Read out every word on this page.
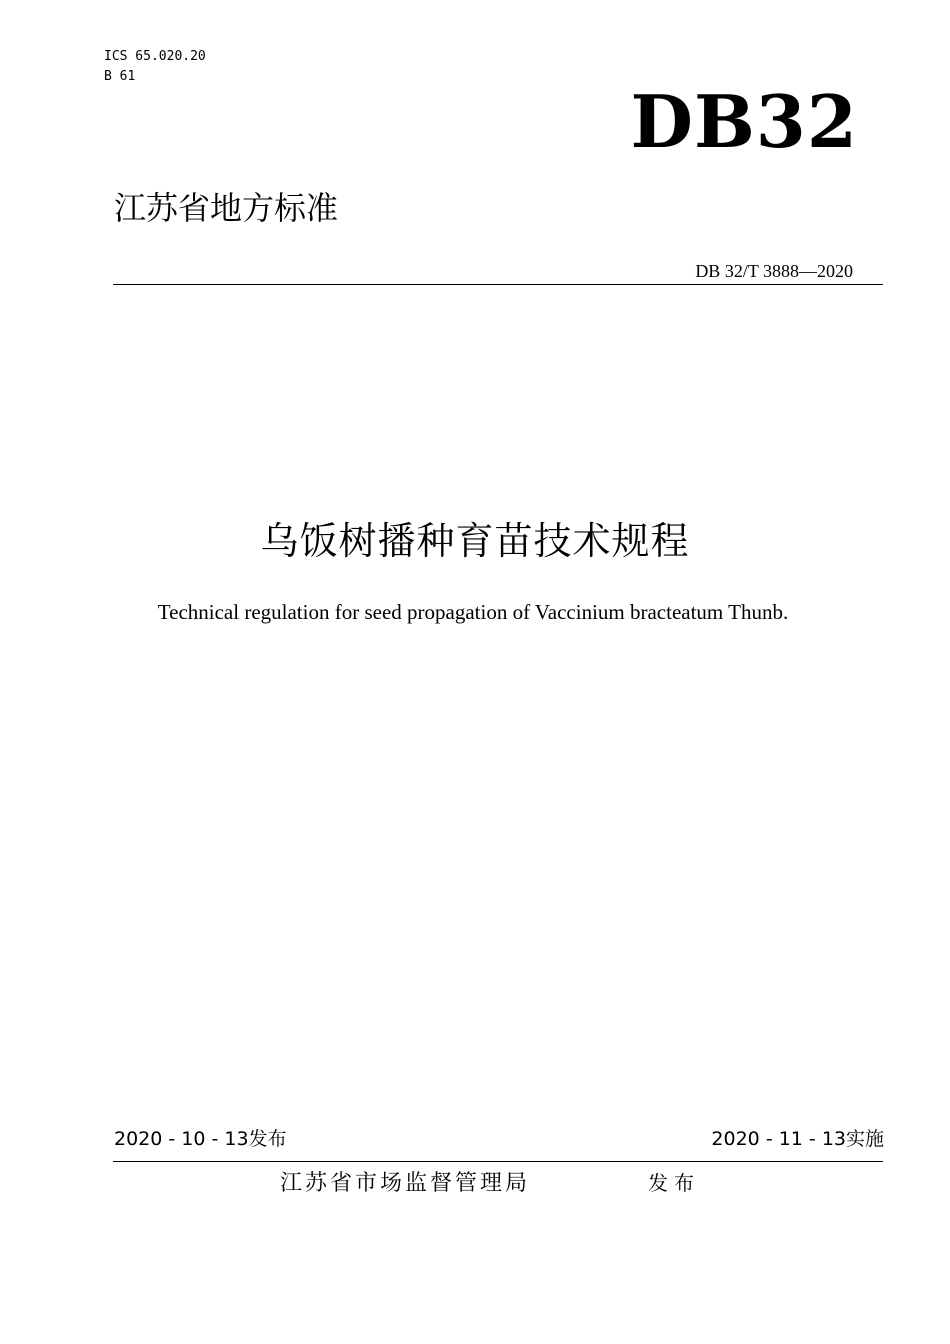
ICS 65.020.20
B 61
DB32
江苏省地方标准
DB 32/T 3888—2020
乌饭树播种育苗技术规程
Technical regulation for seed propagation of Vaccinium bracteatum Thunb.
2020 - 10 - 13发布	2020 - 11 - 13实施
江苏省市场监督管理局	发布
